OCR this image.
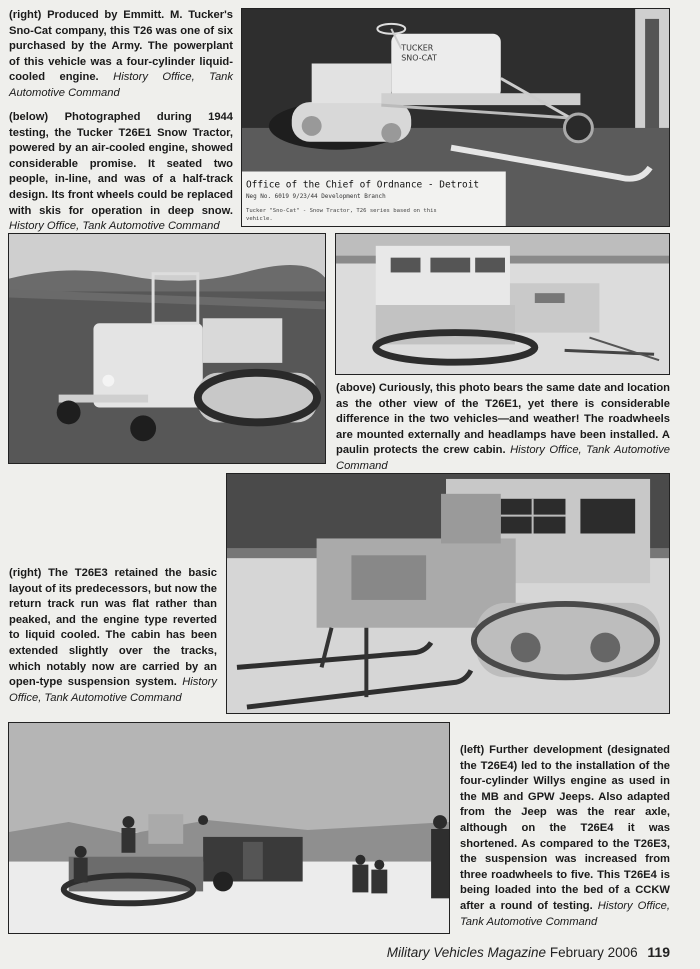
(right) Produced by Emmitt. M. Tucker's Sno-Cat company, this T26 was one of six purchased by the Army. The powerplant of this vehicle was a four-cylinder liquid-cooled engine. History Office, Tank Automotive Command
(below) Photographed during 1944 testing, the Tucker T26E1 Snow Tractor, powered by an air-cooled engine, showed considerable promise. It seated two people, in-line, and was of a half-track design. Its front wheels could be replaced with skis for operation in deep snow. History Office, Tank Automotive Command
TUCKER
SNO-CAT
Office of the Chief of Ordnance - Detroit
Neg No. 6019 9/23/44 Development Branch
Tucker "Sno-Cat" - Snow Tractor, T26 series based on this
vehicle.
(above) Curiously, this photo bears the same date and location as the other view of the T26E1, yet there is considerable difference in the two vehicles—and weather! The roadwheels are mounted externally and headlamps have been installed. A paulin protects the crew cabin. History Office, Tank Automotive Command
(right) The T26E3 retained the basic layout of its predecessors, but now the return track run was flat rather than peaked, and the engine type reverted to liquid cooled. The cabin has been extended slightly over the tracks, which notably now are carried by an open-type suspension system. History Office, Tank Automotive Command
(left) Further development (designated the T26E4) led to the installation of the four-cylinder Willys engine as used in the MB and GPW Jeeps. Also adapted from the Jeep was the rear axle, although on the T26E4 it was shortened. As compared to the T26E3, the suspension was increased from three roadwheels to five. This T26E4 is being loaded into the bed of a CCKW after a round of testing. History Office, Tank Automotive Command
Military Vehicles Magazine February 2006 119
